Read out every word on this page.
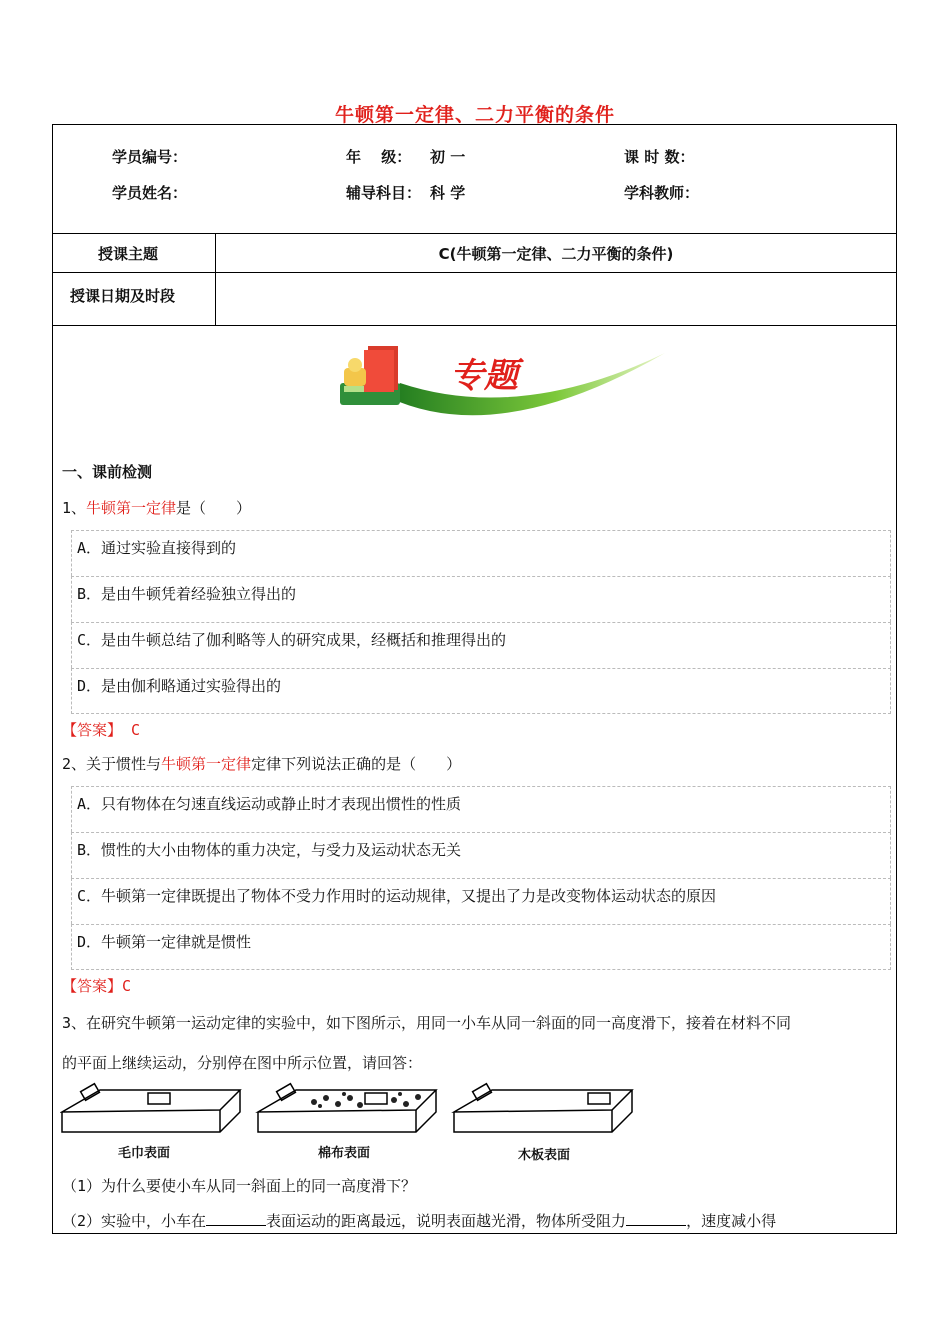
牛顿第一定律、二力平衡的条件
学员编号：	年　 级： 初 一	课 时 数：
学员姓名：	辅导科目： 科 学	学科教师：
授课主题	C(牛顿第一定律、二力平衡的条件)
授课日期及时段
专题
一、课前检测
1、牛顿第一定律是（　　）
A．通过实验直接得到的
B．是由牛顿凭着经验独立得出的
C．是由牛顿总结了伽利略等人的研究成果，经概括和推理得出的
D．是由伽利略通过实验得出的
【答案】 C
2、关于惯性与牛顿第一定律定律下列说法正确的是（　　）
A．只有物体在匀速直线运动或静止时才表现出惯性的性质
B．惯性的大小由物体的重力决定，与受力及运动状态无关
C．牛顿第一定律既提出了物体不受力作用时的运动规律，又提出了力是改变物体运动状态的原因
D．牛顿第一定律就是惯性
【答案】C
3、在研究牛顿第一运动定律的实验中，如下图所示，用同一小车从同一斜面的同一高度滑下，接着在材料不同
的平面上继续运动，分别停在图中所示位置，请回答：
毛巾表面	棉布表面	木板表面
（1）为什么要使小车从同一斜面上的同一高度滑下？
（2）实验中，小车在	表面运动的距离最远，说明表面越光滑，物体所受阻力	，速度减小得
